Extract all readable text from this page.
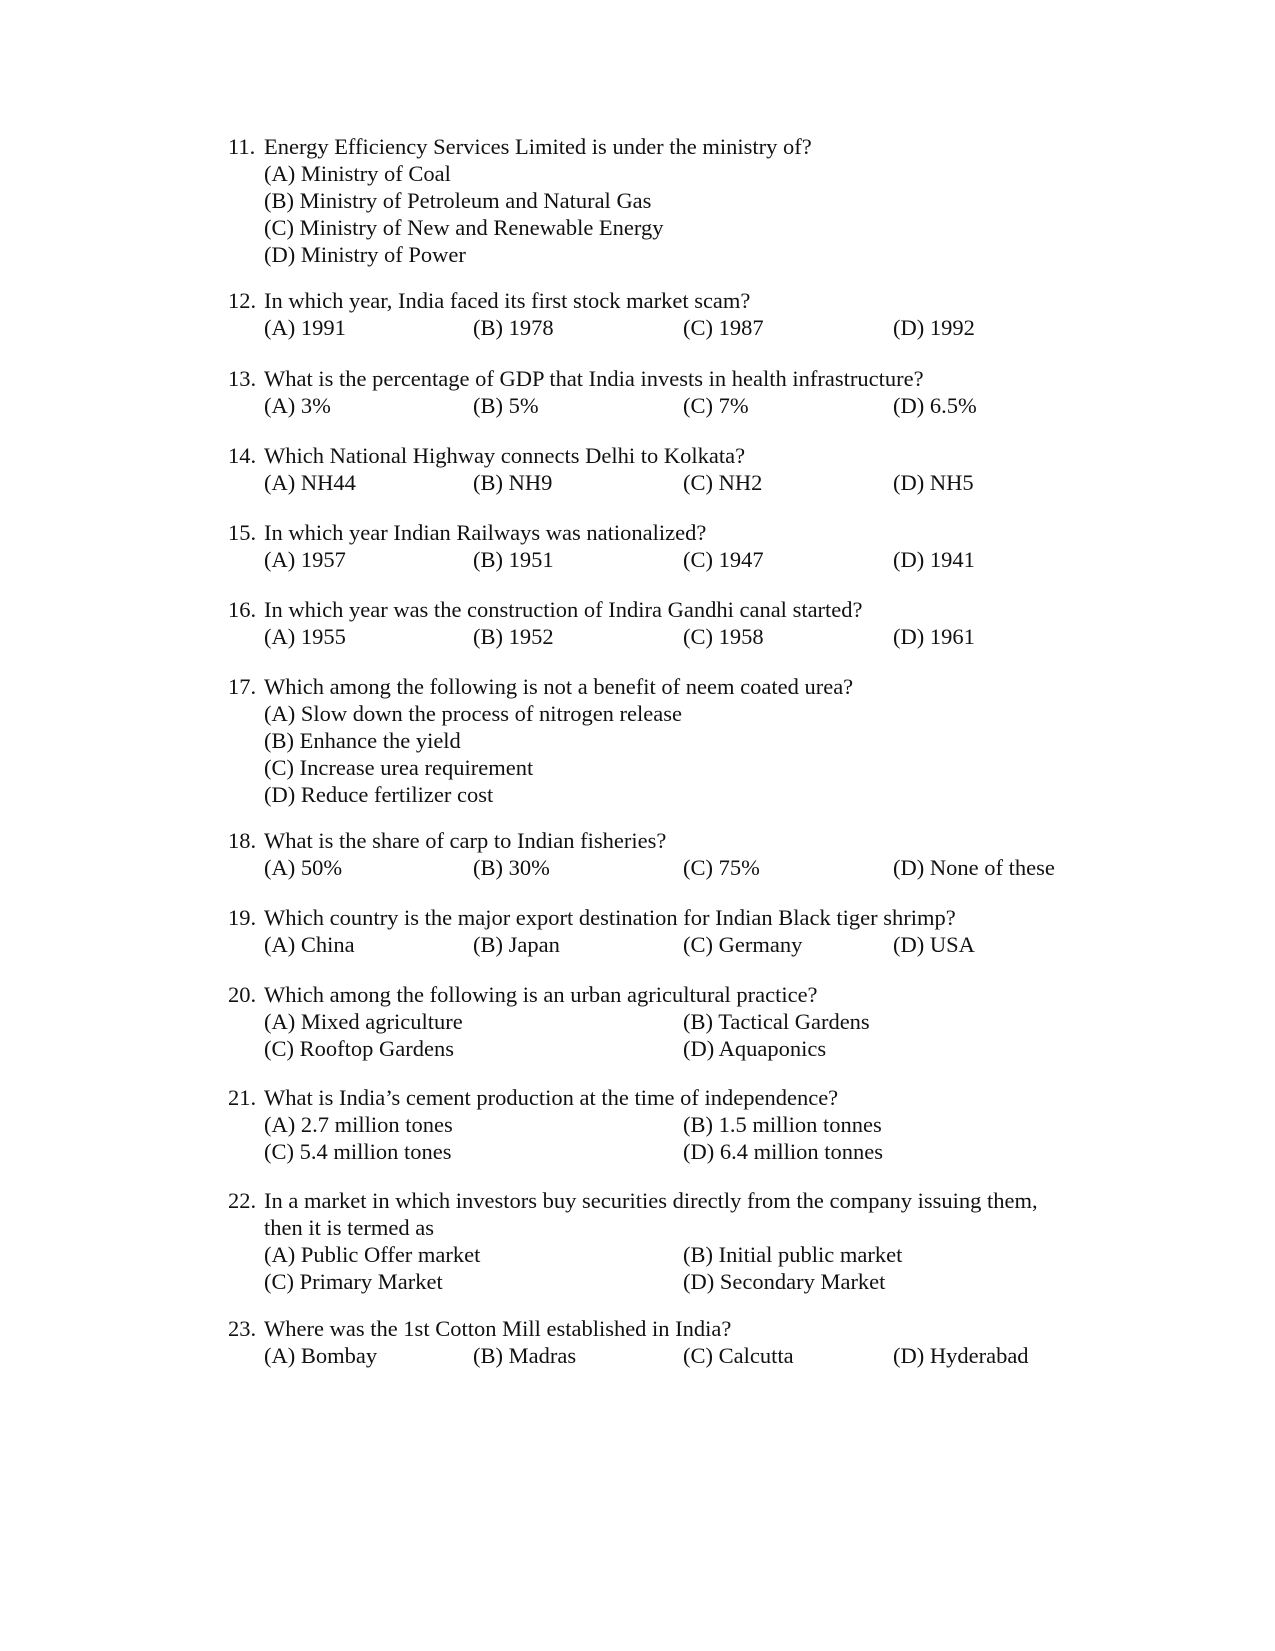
11. Energy Efficiency Services Limited is under the ministry of?
(A) Ministry of Coal
(B) Ministry of Petroleum and Natural Gas
(C) Ministry of New and Renewable Energy
(D) Ministry of Power
12. In which year, India faced its first stock market scam?
(A) 1991	(B) 1978	(C) 1987	(D) 1992
13. What is the percentage of GDP that India invests in health infrastructure?
(A) 3%	(B) 5%	(C) 7%	(D) 6.5%
14. Which National Highway connects Delhi to Kolkata?
(A) NH44	(B) NH9	(C) NH2	(D) NH5
15. In which year Indian Railways was nationalized?
(A) 1957	(B) 1951	(C) 1947	(D) 1941
16. In which year was the construction of Indira Gandhi canal started?
(A) 1955	(B) 1952	(C) 1958	(D) 1961
17. Which among the following is not a benefit of neem coated urea?
(A) Slow down the process of nitrogen release
(B) Enhance the yield
(C) Increase urea requirement
(D) Reduce fertilizer cost
18. What is the share of carp to Indian fisheries?
(A) 50%	(B) 30%	(C) 75%	(D) None of these
19. Which country is the major export destination for Indian Black tiger shrimp?
(A) China	(B) Japan	(C) Germany	(D) USA
20. Which among the following is an urban agricultural practice?
(A) Mixed agriculture	(B) Tactical Gardens
(C) Rooftop Gardens	(D) Aquaponics
21. What is India’s cement production at the time of independence?
(A) 2.7 million tones	(B) 1.5 million tonnes
(C) 5.4 million tones	(D) 6.4 million tonnes
22. In a market in which investors buy securities directly from the company issuing them,
then it is termed as
(A) Public Offer market	(B) Initial public market
(C) Primary Market	(D) Secondary Market
23. Where was the 1st Cotton Mill established in India?
(A) Bombay	(B) Madras	(C) Calcutta	(D) Hyderabad
